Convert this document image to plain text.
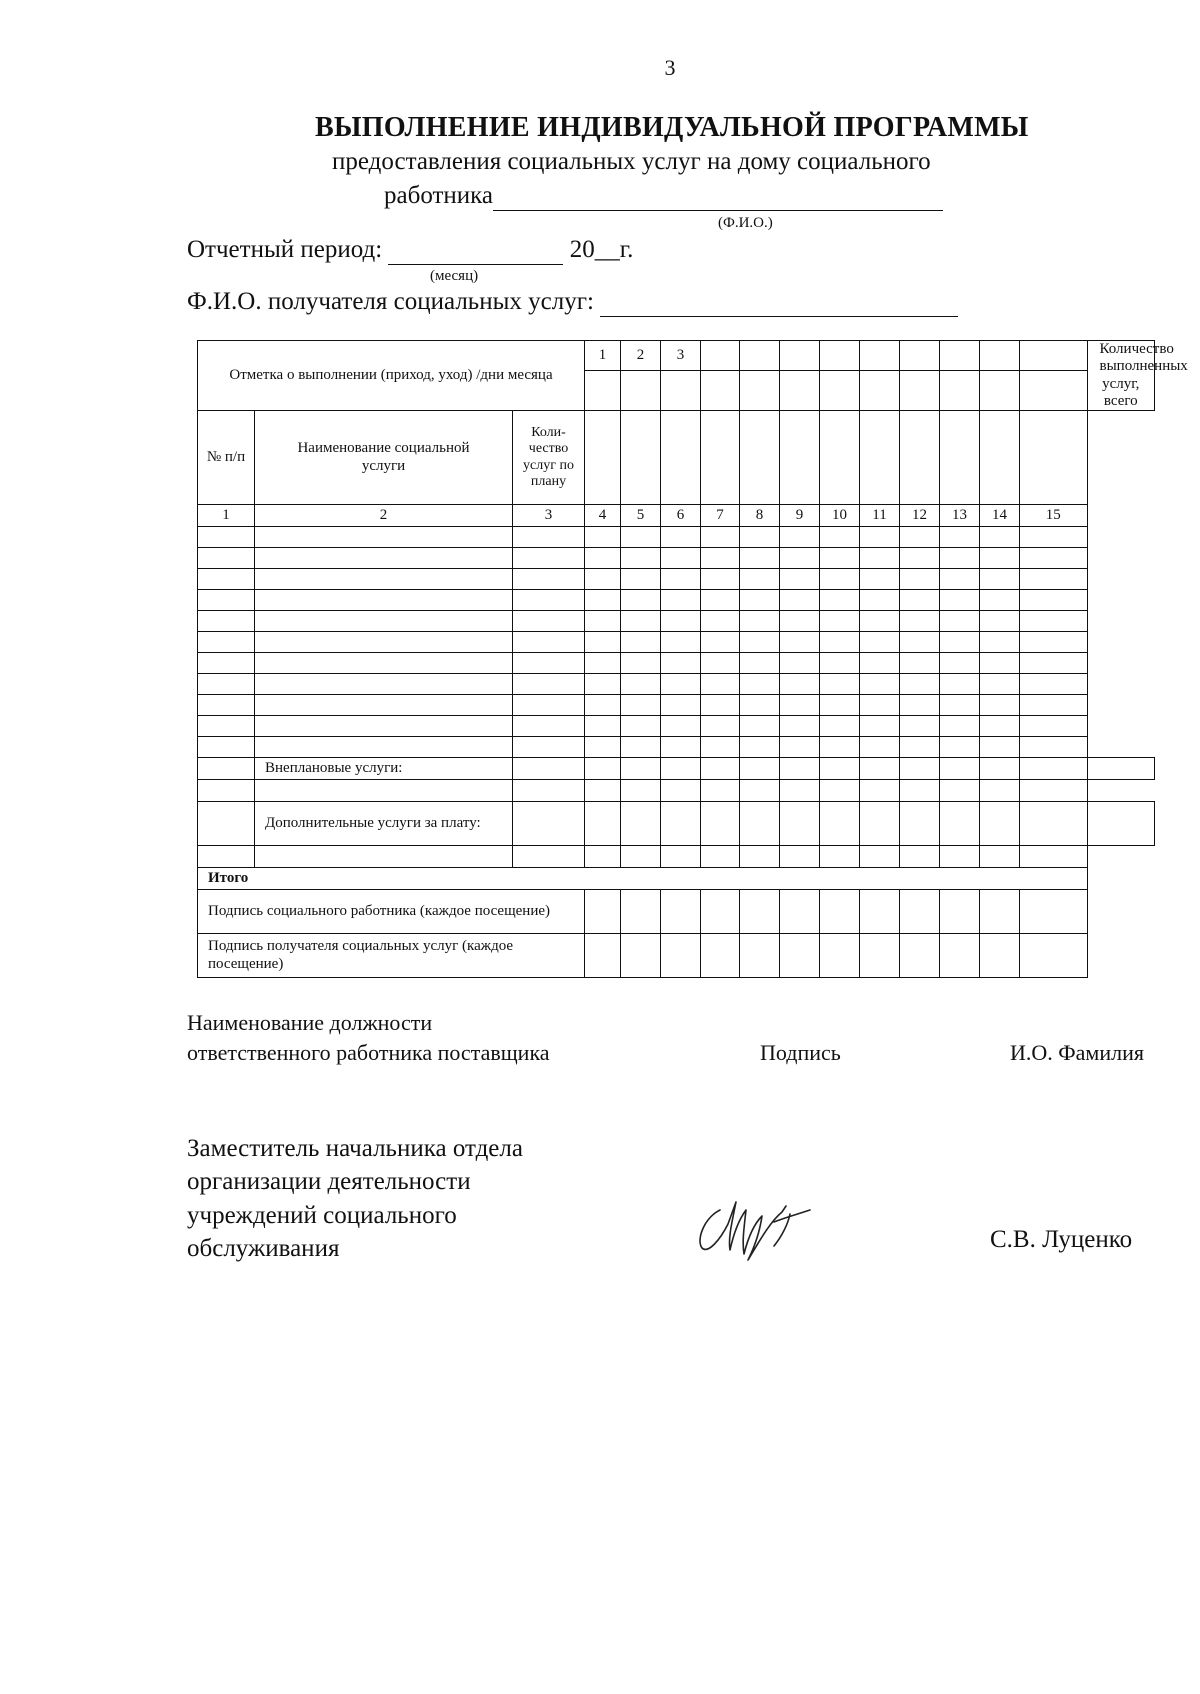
3
ВЫПОЛНЕНИЕ ИНДИВИДУАЛЬНОЙ ПРОГРАММЫ
предоставления социальных услуг на дому социального
работника
(Ф.И.О.)
Отчетный период:	20__г.
(месяц)
Ф.И.О. получателя социальных услуг:
Отметка о выполнении (приход, уход) /дни месяца			1	2	3										Количество выполненных услуг, всего

№ п/п	Наименование социальной услуги	Коли-чество услуг по плану													
1	2	3	4	5	6	7	8	9	10	11	12	13	14	15	

	Внеплановые услуги:														

	Дополнительные услуги за плату:														

Итого															
Подпись социального работника (каждое посещение)															
Подпись получателя социальных услуг (каждое посещение)															
Наименование должности
ответственного работника поставщика	Подпись	И.О. Фамилия
Заместитель начальника отдела
организации деятельности
учреждений социального
обслуживания	С.В. Луценко
